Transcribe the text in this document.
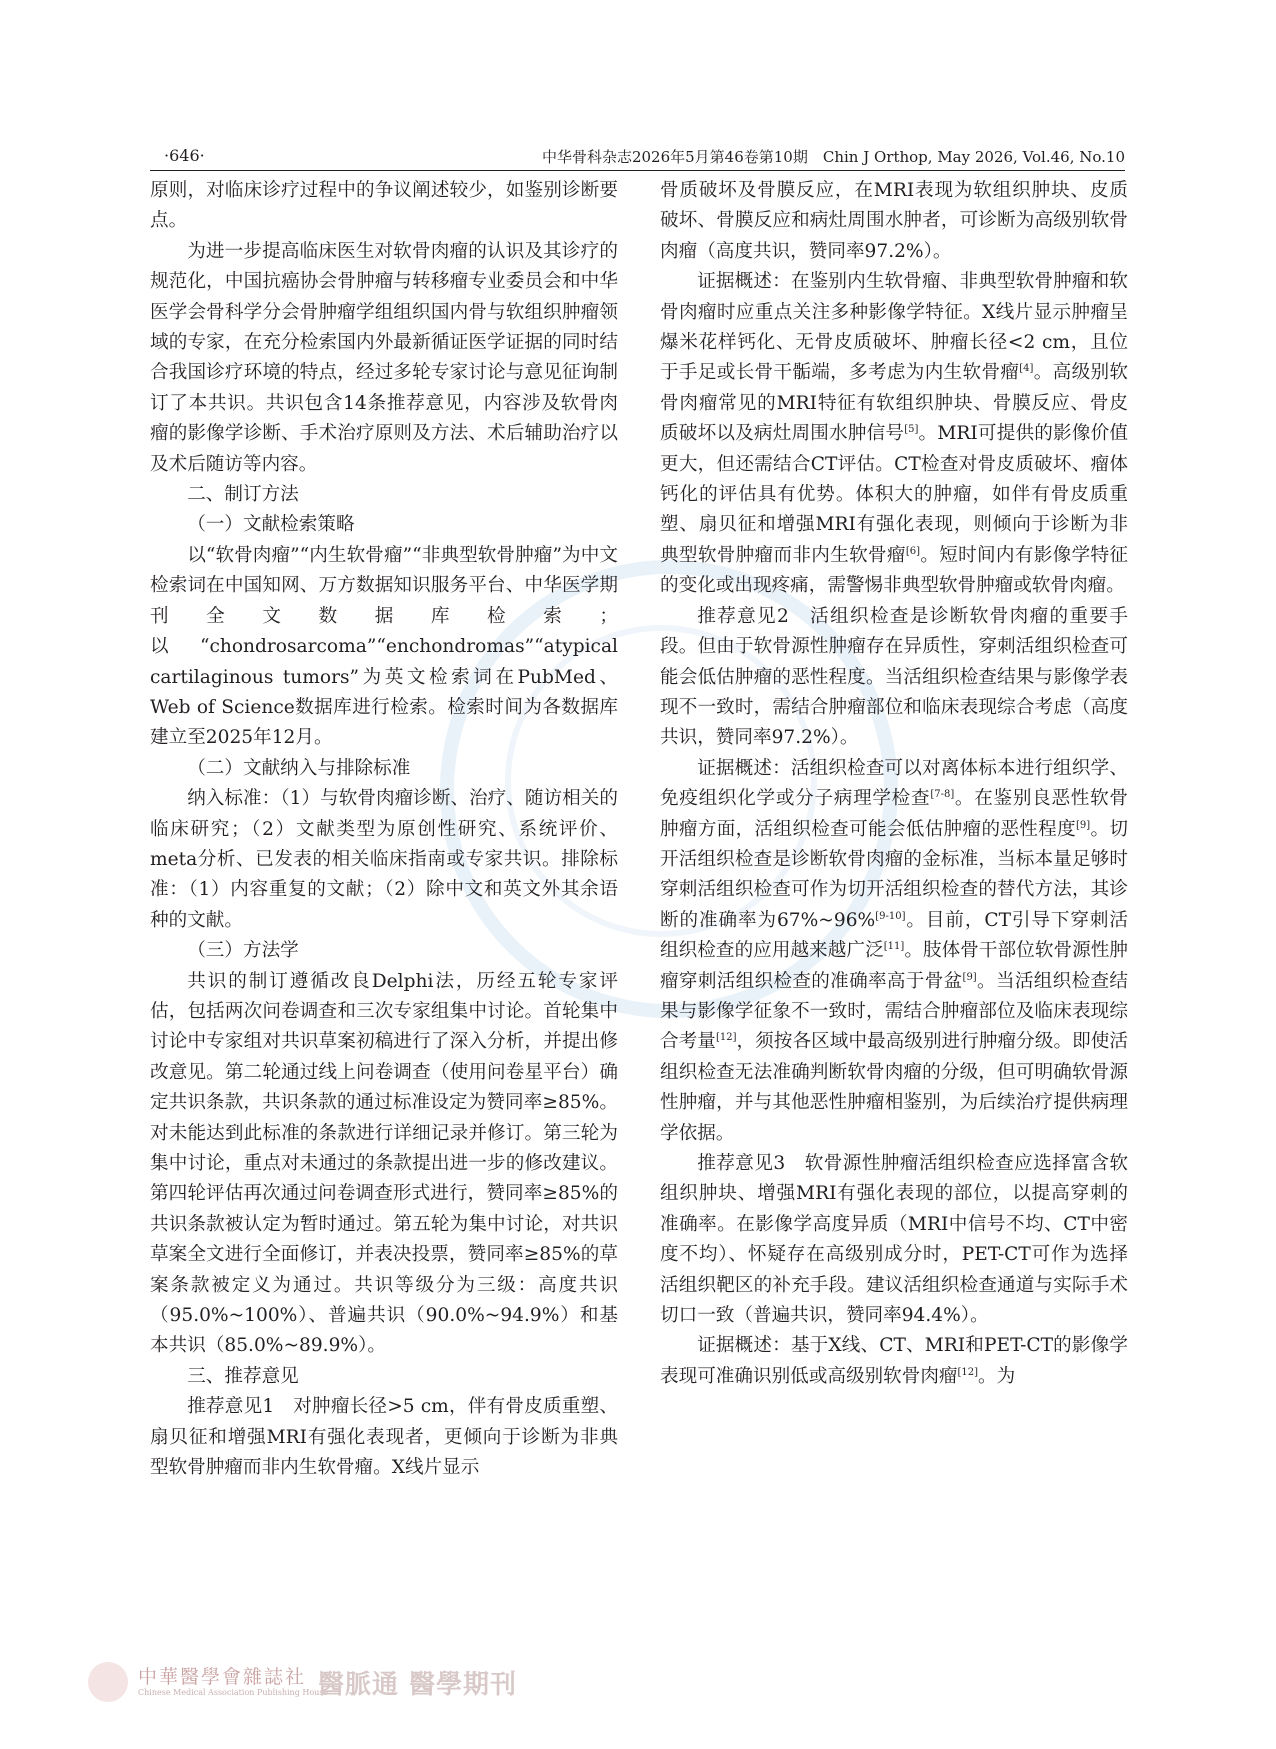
·646·	中华骨科杂志2026年5月第46卷第10期　Chin J Orthop, May 2026, Vol.46, No.10

原则，对临床诊疗过程中的争议阐述较少，如鉴别诊断要点。

为进一步提高临床医生对软骨肉瘤的认识及其诊疗的规范化，中国抗癌协会骨肿瘤与转移瘤专业委员会和中华医学会骨科学分会骨肿瘤学组组织国内骨与软组织肿瘤领域的专家，在充分检索国内外最新循证医学证据的同时结合我国诊疗环境的特点，经过多轮专家讨论与意见征询制订了本共识。共识包含14条推荐意见，内容涉及软骨肉瘤的影像学诊断、手术治疗原则及方法、术后辅助治疗以及术后随访等内容。

二、制订方法

（一）文献检索策略

以“软骨肉瘤”“内生软骨瘤”“非典型软骨肿瘤”为中文检索词在中国知网、万方数据知识服务平台、中华医学期刊全文数据库检索；以“chondrosarcoma”“enchondromas”“atypical cartilaginous tumors”为英文检索词在PubMed、Web of Science数据库进行检索。检索时间为各数据库建立至2025年12月。

（二）文献纳入与排除标准

纳入标准：（1）与软骨肉瘤诊断、治疗、随访相关的临床研究；（2）文献类型为原创性研究、系统评价、meta分析、已发表的相关临床指南或专家共识。排除标准：（1）内容重复的文献；（2）除中文和英文外其余语种的文献。

（三）方法学

共识的制订遵循改良Delphi法，历经五轮专家评估，包括两次问卷调查和三次专家组集中讨论。首轮集中讨论中专家组对共识草案初稿进行了深入分析，并提出修改意见。第二轮通过线上问卷调查（使用问卷星平台）确定共识条款，共识条款的通过标准设定为赞同率≥85%。对未能达到此标准的条款进行详细记录并修订。第三轮为集中讨论，重点对未通过的条款提出进一步的修改建议。第四轮评估再次通过问卷调查形式进行，赞同率≥85%的共识条款被认定为暂时通过。第五轮为集中讨论，对共识草案全文进行全面修订，并表决投票，赞同率≥85%的草案条款被定义为通过。共识等级分为三级：高度共识（95.0%~100%）、普遍共识（90.0%~94.9%）和基本共识（85.0%~89.9%）。

三、推荐意见

推荐意见1　对肿瘤长径>5 cm，伴有骨皮质重塑、扇贝征和增强MRI有强化表现者，更倾向于诊断为非典型软骨肿瘤而非内生软骨瘤。X线片显示

骨质破坏及骨膜反应，在MRI表现为软组织肿块、皮质破坏、骨膜反应和病灶周围水肿者，可诊断为高级别软骨肉瘤（高度共识，赞同率97.2%）。

证据概述：在鉴别内生软骨瘤、非典型软骨肿瘤和软骨肉瘤时应重点关注多种影像学特征。X线片显示肿瘤呈爆米花样钙化、无骨皮质破坏、肿瘤长径<2 cm，且位于手足或长骨干骺端，多考虑为内生软骨瘤[4]。高级别软骨肉瘤常见的MRI特征有软组织肿块、骨膜反应、骨皮质破坏以及病灶周围水肿信号[5]。MRI可提供的影像价值更大，但还需结合CT评估。CT检查对骨皮质破坏、瘤体钙化的评估具有优势。体积大的肿瘤，如伴有骨皮质重塑、扇贝征和增强MRI有强化表现，则倾向于诊断为非典型软骨肿瘤而非内生软骨瘤[6]。短时间内有影像学特征的变化或出现疼痛，需警惕非典型软骨肿瘤或软骨肉瘤。

推荐意见2　活组织检查是诊断软骨肉瘤的重要手段。但由于软骨源性肿瘤存在异质性，穿刺活组织检查可能会低估肿瘤的恶性程度。当活组织检查结果与影像学表现不一致时，需结合肿瘤部位和临床表现综合考虑（高度共识，赞同率97.2%）。

证据概述：活组织检查可以对离体标本进行组织学、免疫组织化学或分子病理学检查[7-8]。在鉴别良恶性软骨肿瘤方面，活组织检查可能会低估肿瘤的恶性程度[9]。切开活组织检查是诊断软骨肉瘤的金标准，当标本量足够时穿刺活组织检查可作为切开活组织检查的替代方法，其诊断的准确率为67%~96%[9-10]。目前，CT引导下穿刺活组织检查的应用越来越广泛[11]。肢体骨干部位软骨源性肿瘤穿刺活组织检查的准确率高于骨盆[9]。当活组织检查结果与影像学征象不一致时，需结合肿瘤部位及临床表现综合考量[12]，须按各区域中最高级别进行肿瘤分级。即使活组织检查无法准确判断软骨肉瘤的分级，但可明确软骨源性肿瘤，并与其他恶性肿瘤相鉴别，为后续治疗提供病理学依据。

推荐意见3　软骨源性肿瘤活组织检查应选择富含软组织肿块、增强MRI有强化表现的部位，以提高穿刺的准确率。在影像学高度异质（MRI中信号不均、CT中密度不均）、怀疑存在高级别成分时，PET-CT可作为选择活组织靶区的补充手段。建议活组织检查通道与实际手术切口一致（普遍共识，赞同率94.4%）。

证据概述：基于X线、CT、MRI和PET-CT的影像学表现可准确识别低或高级别软骨肉瘤[12]。为

中華醫學會雜誌社
Chinese Medical Association Publishing House
醫脈通 醫學期刊
